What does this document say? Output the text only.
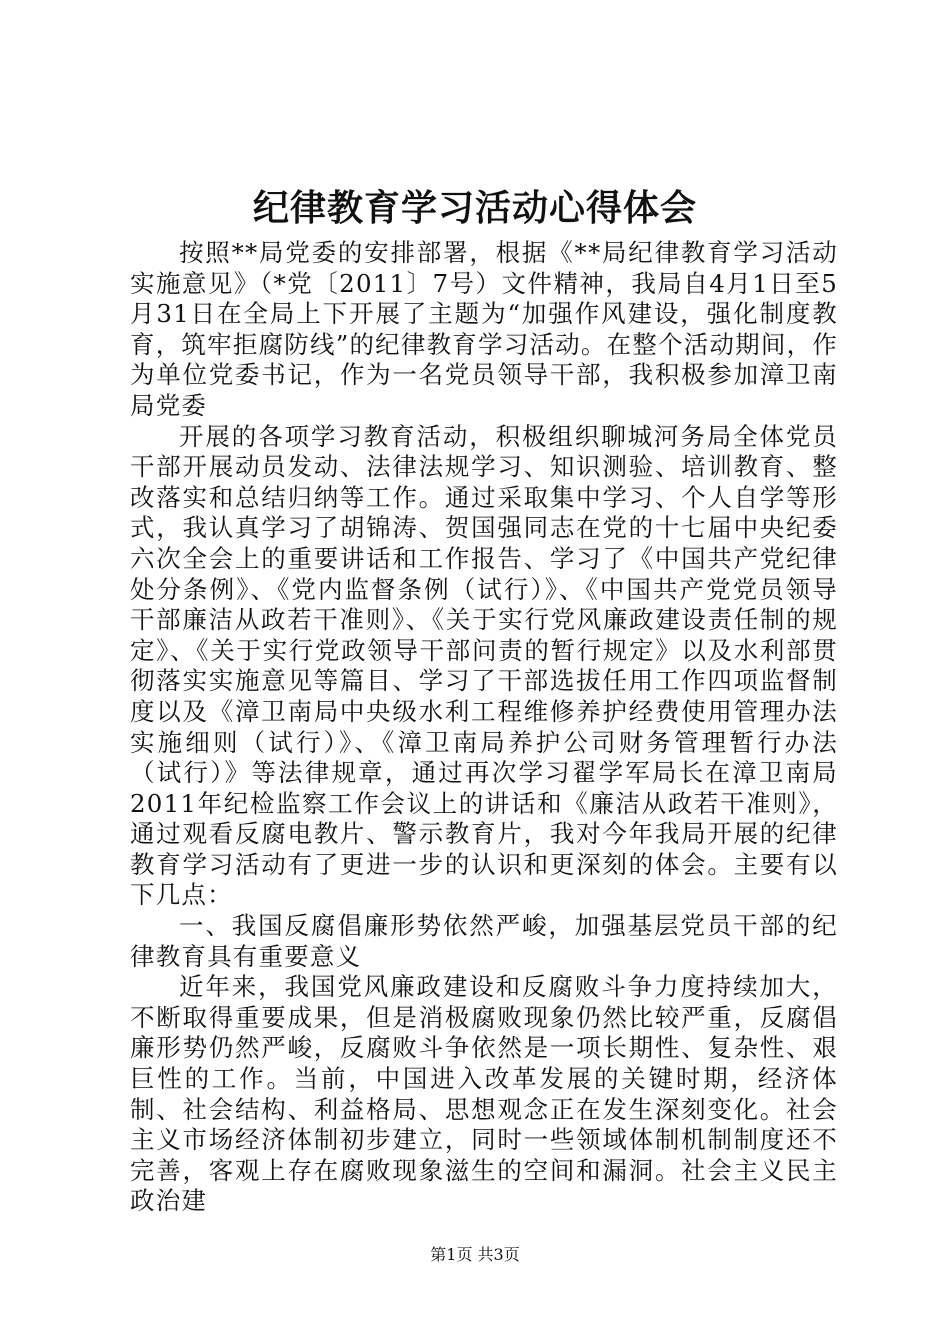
纪律教育学习活动心得体会

按照**局党委的安排部署，根据《**局纪律教育学习活动实施意见》（*党〔2011〕7号）文件精神，我局自4月1日至5月31日在全局上下开展了主题为“加强作风建设，强化制度教育，筑牢拒腐防线”的纪律教育学习活动。在整个活动期间，作为单位党委书记，作为一名党员领导干部，我积极参加漳卫南局党委

开展的各项学习教育活动，积极组织聊城河务局全体党员干部开展动员发动、法律法规学习、知识测验、培训教育、整改落实和总结归纳等工作。通过采取集中学习、个人自学等形式，我认真学习了胡锦涛、贺国强同志在党的十七届中央纪委六次全会上的重要讲话和工作报告、学习了《中国共产党纪律处分条例》、《党内监督条例（试行）》、《中国共产党党员领导干部廉洁从政若干准则》、《关于实行党风廉政建设责任制的规定》、《关于实行党政领导干部问责的暂行规定》以及水利部贯彻落实实施意见等篇目、学习了干部选拔任用工作四项监督制度以及《漳卫南局中央级水利工程维修养护经费使用管理办法实施细则（试行）》、《漳卫南局养护公司财务管理暂行办法（试行）》等法律规章，通过再次学习翟学军局长在漳卫南局2011年纪检监察工作会议上的讲话和《廉洁从政若干准则》，通过观看反腐电教片、警示教育片，我对今年我局开展的纪律教育学习活动有了更进一步的认识和更深刻的体会。主要有以下几点：

一、我国反腐倡廉形势依然严峻，加强基层党员干部的纪律教育具有重要意义

近年来，我国党风廉政建设和反腐败斗争力度持续加大，不断取得重要成果，但是消极腐败现象仍然比较严重，反腐倡廉形势仍然严峻，反腐败斗争依然是一项长期性、复杂性、艰巨性的工作。当前，中国进入改革发展的关键时期，经济体制、社会结构、利益格局、思想观念正在发生深刻变化。社会主义市场经济体制初步建立，同时一些领域体制机制制度还不完善，客观上存在腐败现象滋生的空间和漏洞。社会主义民主政治建

第1页 共3页
